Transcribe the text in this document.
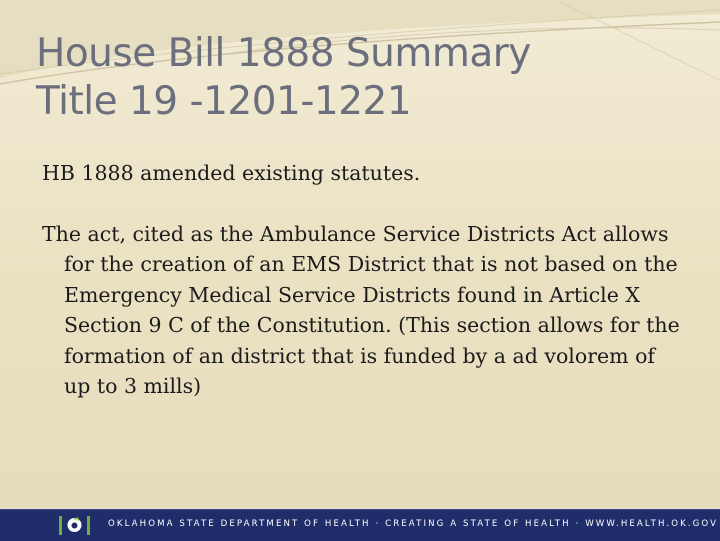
House Bill 1888 Summary
Title 19 -1201-1221

HB 1888 amended existing statutes.

The act, cited as the Ambulance Service Districts Act allows for the creation of an EMS District that is not based on the Emergency Medical Service Districts found in Article X Section 9 C of the Constitution. (This section allows for the formation of an district that is funded by a ad volorem of up to 3 mills)

OKLAHOMA STATE DEPARTMENT OF HEALTH · CREATING A STATE OF HEALTH · WWW.HEALTH.OK.GOV
